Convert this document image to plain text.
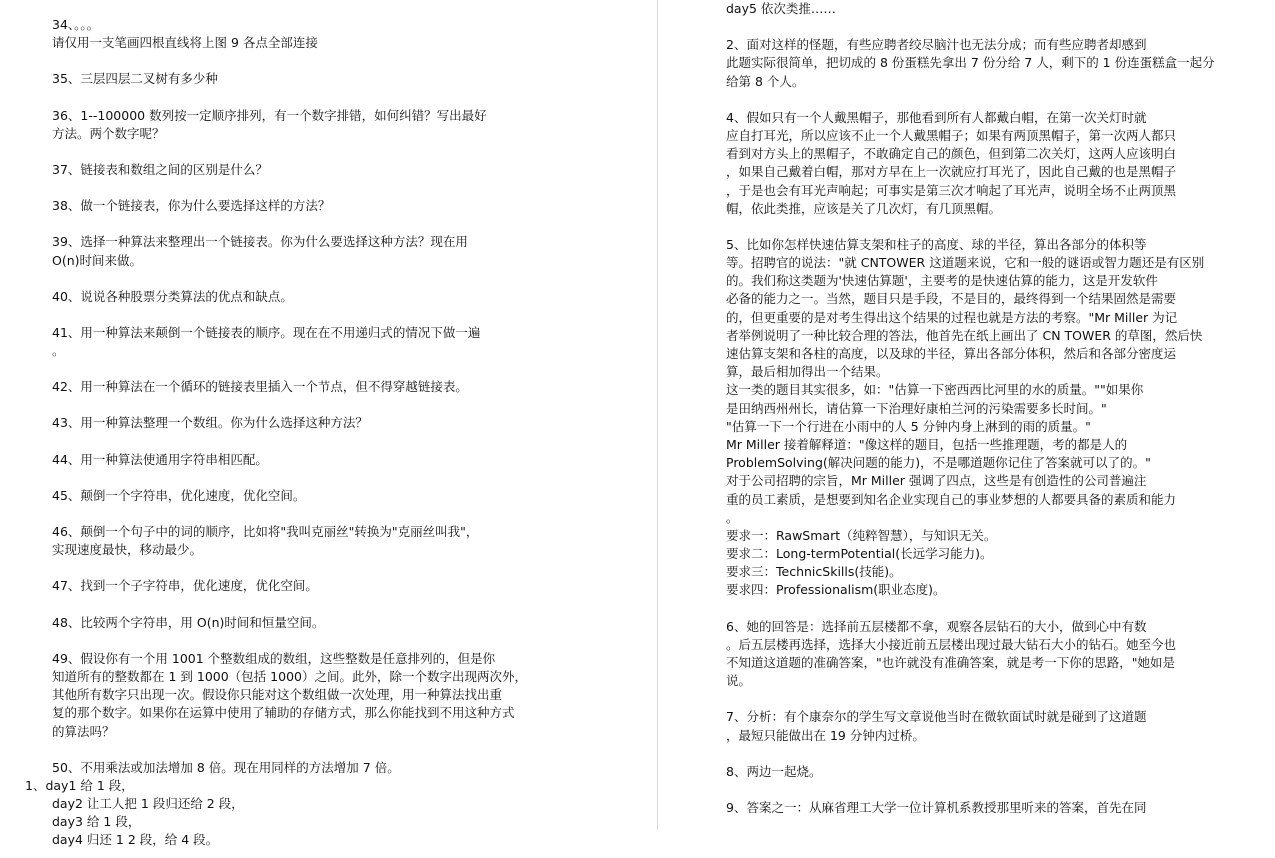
34、。。。
请仅用一支笔画四根直线将上图 9 各点全部连接
35、三层四层二叉树有多少种
36、1--100000 数列按一定顺序排列，有一个数字排错，如何纠错？写出最好
方法。两个数字呢？
37、链接表和数组之间的区别是什么？
38、做一个链接表，你为什么要选择这样的方法？
39、选择一种算法来整理出一个链接表。你为什么要选择这种方法？现在用
O(n)时间来做。
40、说说各种股票分类算法的优点和缺点。
41、用一种算法来颠倒一个链接表的顺序。现在在不用递归式的情况下做一遍
。
42、用一种算法在一个循环的链接表里插入一个节点，但不得穿越链接表。
43、用一种算法整理一个数组。你为什么选择这种方法？
44、用一种算法使通用字符串相匹配。
45、颠倒一个字符串，优化速度，优化空间。
46、颠倒一个句子中的词的顺序，比如将"我叫克丽丝"转换为"克丽丝叫我"，
实现速度最快，移动最少。
47、找到一个子字符串，优化速度，优化空间。
48、比较两个字符串，用 O(n)时间和恒量空间。
49、假设你有一个用 1001 个整数组成的数组，这些整数是任意排列的，但是你
知道所有的整数都在 1 到 1000（包括 1000）之间。此外，除一个数字出现两次外，
其他所有数字只出现一次。假设你只能对这个数组做一次处理，用一种算法找出重
复的那个数字。如果你在运算中使用了辅助的存储方式，那么你能找到不用这种方式
的算法吗？
50、不用乘法或加法增加 8 倍。现在用同样的方法增加 7 倍。
1、day1 给 1 段，
day2 让工人把 1 段归还给 2 段，
day3 给 1 段，
day4 归还 1 2 段，给 4 段。
day5 依次类推……
2、面对这样的怪题，有些应聘者绞尽脑汁也无法分成；而有些应聘者却感到
此题实际很简单，把切成的 8 份蛋糕先拿出 7 份分给 7 人，剩下的 1 份连蛋糕盒一起分
给第 8 个人。
4、假如只有一个人戴黑帽子，那他看到所有人都戴白帽，在第一次关灯时就
应自打耳光，所以应该不止一个人戴黑帽子；如果有两顶黑帽子，第一次两人都只
看到对方头上的黑帽子，不敢确定自己的颜色，但到第二次关灯，这两人应该明白
，如果自己戴着白帽，那对方早在上一次就应打耳光了，因此自己戴的也是黑帽子
，于是也会有耳光声响起；可事实是第三次才响起了耳光声，说明全场不止两顶黑
帽，依此类推，应该是关了几次灯，有几顶黑帽。
5、比如你怎样快速估算支架和柱子的高度、球的半径，算出各部分的体积等
等。招聘官的说法："就 CNTOWER 这道题来说，它和一般的谜语或智力题还是有区别
的。我们称这类题为'快速估算题'，主要考的是快速估算的能力，这是开发软件
必备的能力之一。当然，题目只是手段，不是目的，最终得到一个结果固然是需要
的，但更重要的是对考生得出这个结果的过程也就是方法的考察。"Mr Miller 为记
者举例说明了一种比较合理的答法，他首先在纸上画出了 CN TOWER 的草图，然后快
速估算支架和各柱的高度，以及球的半径，算出各部分体积，然后和各部分密度运
算，最后相加得出一个结果。
这一类的题目其实很多，如："估算一下密西西比河里的水的质量。""如果你
是田纳西州州长，请估算一下治理好康柏兰河的污染需要多长时间。"
"估算一下一个行进在小雨中的人 5 分钟内身上淋到的雨的质量。"
Mr Miller 接着解释道："像这样的题目，包括一些推理题，考的都是人的
ProblemSolving(解决问题的能力)，不是哪道题你记住了答案就可以了的。"
对于公司招聘的宗旨，Mr Miller 强调了四点，这些是有创造性的公司普遍注
重的员工素质，是想要到知名企业实现自己的事业梦想的人都要具备的素质和能力
。
要求一：RawSmart（纯粹智慧），与知识无关。
要求二：Long-termPotential(长远学习能力)。
要求三：TechnicSkills(技能)。
要求四：Professionalism(职业态度)。
6、她的回答是：选择前五层楼都不拿，观察各层钻石的大小，做到心中有数
。后五层楼再选择，选择大小接近前五层楼出现过最大钻石大小的钻石。她至今也
不知道这道题的准确答案，"也许就没有准确答案，就是考一下你的思路，"她如是
说。
7、分析：有个康奈尔的学生写文章说他当时在微软面试时就是碰到了这道题
，最短只能做出在 19 分钟内过桥。
8、两边一起烧。
9、答案之一：从麻省理工大学一位计算机系教授那里听来的答案，首先在同
